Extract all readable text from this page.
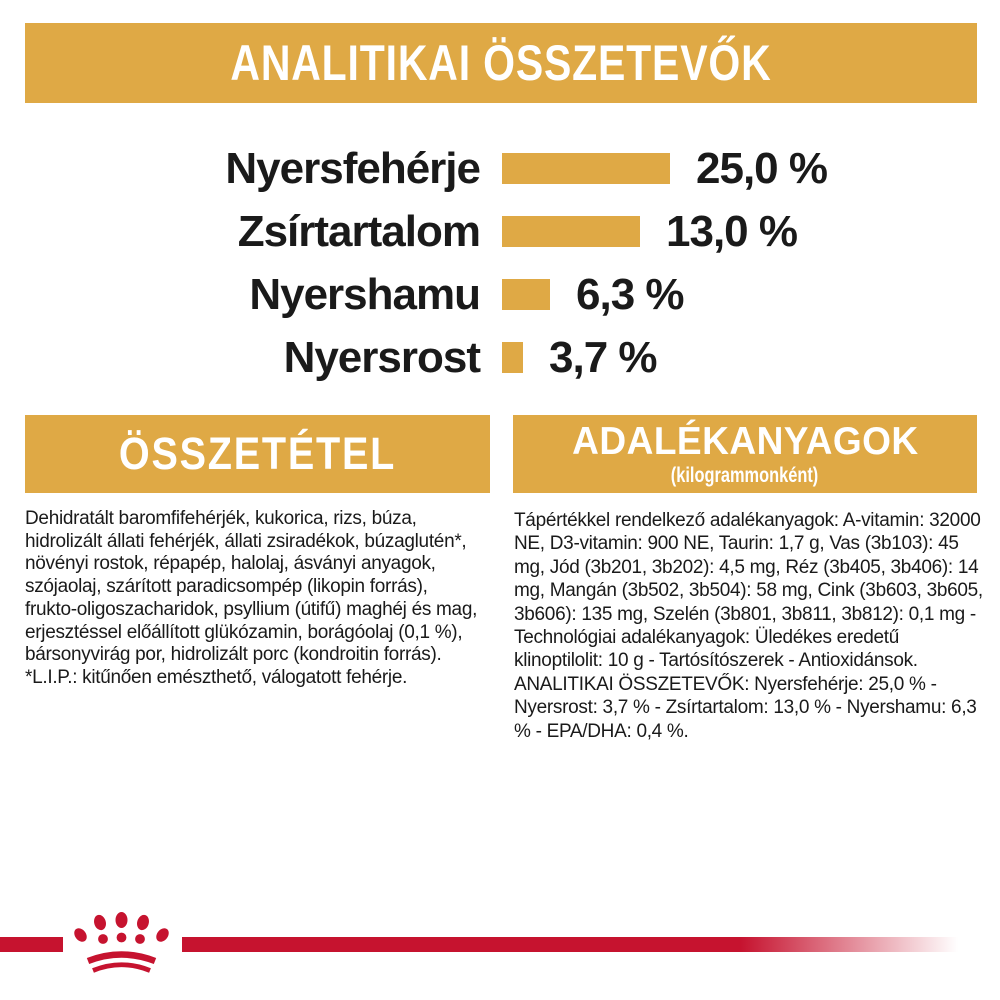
ANALITIKAI ÖSSZETEVŐK
Nyersfehérje	25,0 %
Zsírtartalom	13,0 %
Nyershamu	6,3 %
Nyersrost	3,7 %
ÖSSZETÉTEL	ADALÉKANYAGOK
(kilogrammonként)

Dehidratált baromfifehérjék, kukorica, rizs, búza, hidrolizált állati fehérjék, állati zsiradékok, búzaglutén*, növényi rostok, répapép, halolaj, ásványi anyagok, szójaolaj, szárított paradicsompép (likopin forrás), frukto-oligoszacharidok, psyllium (útifű) maghéj és mag, erjesztéssel előállított glükózamin, borágóolaj (0,1 %), bársonyvirág por, hidrolizált porc (kondroitin forrás). *L.I.P.: kitűnően emészthető, válogatott fehérje.

Tápértékkel rendelkező adalékanyagok: A-vitamin: 32000 NE, D3-vitamin: 900 NE, Taurin: 1,7 g, Vas (3b103): 45 mg, Jód (3b201, 3b202): 4,5 mg, Réz (3b405, 3b406): 14 mg, Mangán (3b502, 3b504): 58 mg, Cink (3b603, 3b605, 3b606): 135 mg, Szelén (3b801, 3b811, 3b812): 0,1 mg - Technológiai adalékanyagok: Üledékes eredetű klinoptilolit: 10 g - Tartósítószerek - Antioxidánsok.

ANALITIKAI ÖSSZETEVŐK: Nyersfehérje: 25,0 % - Nyersrost: 3,7 % - Zsírtartalom: 13,0 % - Nyershamu: 6,3 % - EPA/DHA: 0,4 %.
